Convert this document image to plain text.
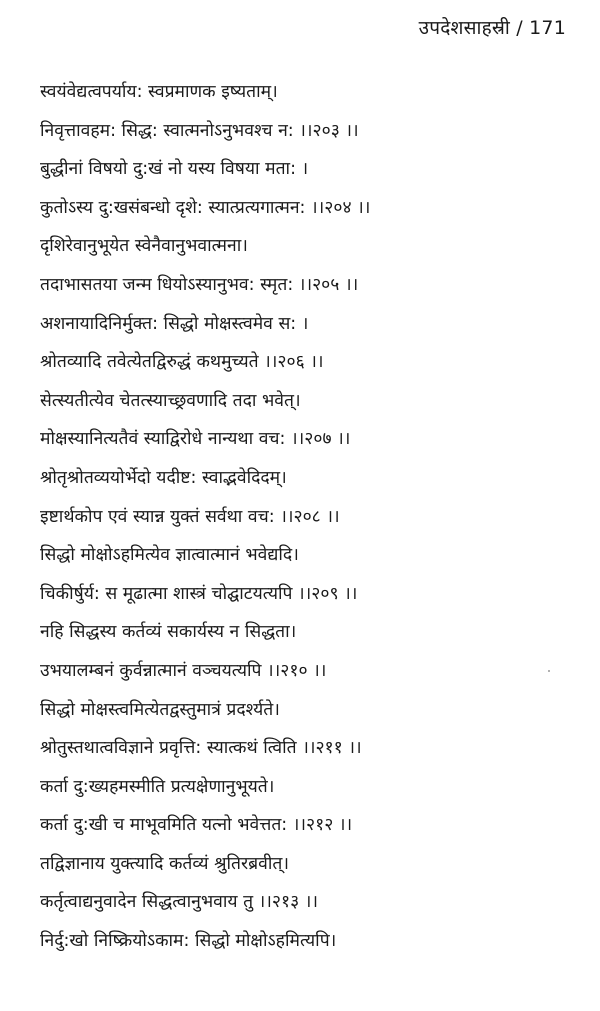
उपदेशसाहस्री / 171
स्वयंवेद्यत्वपर्याय: स्वप्रमाणक इष्यताम्।
निवृत्तावहम: सिद्ध: स्वात्मनोऽनुभवश्च न: ।।२०३ ।।
बुद्धीनां विषयो दु:खं नो यस्य विषया मता: ।
कुतोऽस्य दु:खसंबन्धो दृशे: स्यात्प्रत्यगात्मन: ।।२०४ ।।
दृशिरेवानुभूयेत स्वेनैवानुभवात्मना।
तदाभासतया जन्म धियोऽस्यानुभव: स्मृत: ।।२०५ ।।
अशनायादिनिर्मुक्त: सिद्धो मोक्षस्त्वमेव स: ।
श्रोतव्यादि तवेत्येतद्विरुद्धं कथमुच्यते ।।२०६ ।।
सेत्स्यतीत्येव चेतत्स्याच्छ्रवणादि तदा भवेत्।
मोक्षस्यानित्यतैवं स्याद्विरोधे नान्यथा वच: ।।२०७ ।।
श्रोतृश्रोतव्ययोर्भेदो यदीष्ट: स्वाद्भवेदिदम्।
इष्टार्थकोप एवं स्यान्न युक्तं सर्वथा वच: ।।२०८ ।।
सिद्धो मोक्षोऽहमित्येव ज्ञात्वात्मानं भवेद्यदि।
चिकीर्षुर्य: स मूढात्मा शास्त्रं चोद्घाटयत्यपि ।।२०९ ।।
नहि सिद्धस्य कर्तव्यं सकार्यस्य न सिद्धता।
उभयालम्बनं कुर्वन्नात्मानं वञ्चयत्यपि ।।२१० ।।
सिद्धो मोक्षस्त्वमित्येतद्वस्तुमात्रं प्रदर्श्यते।
श्रोतुस्तथात्वविज्ञाने प्रवृत्ति: स्यात्कथं त्विति ।।२११ ।।
कर्ता दु:ख्यहमस्मीति प्रत्यक्षेणानुभूयते।
कर्ता दु:खी च माभूवमिति यत्नो भवेत्तत: ।।२१२ ।।
तद्विज्ञानाय युक्त्यादि कर्तव्यं श्रुतिरब्रवीत्।
कर्तृत्वाद्यनुवादेन सिद्धत्वानुभवाय तु ।।२१३ ।।
निर्दु:खो निष्क्रियोऽकाम: सिद्धो मोक्षोऽहमित्यपि।
